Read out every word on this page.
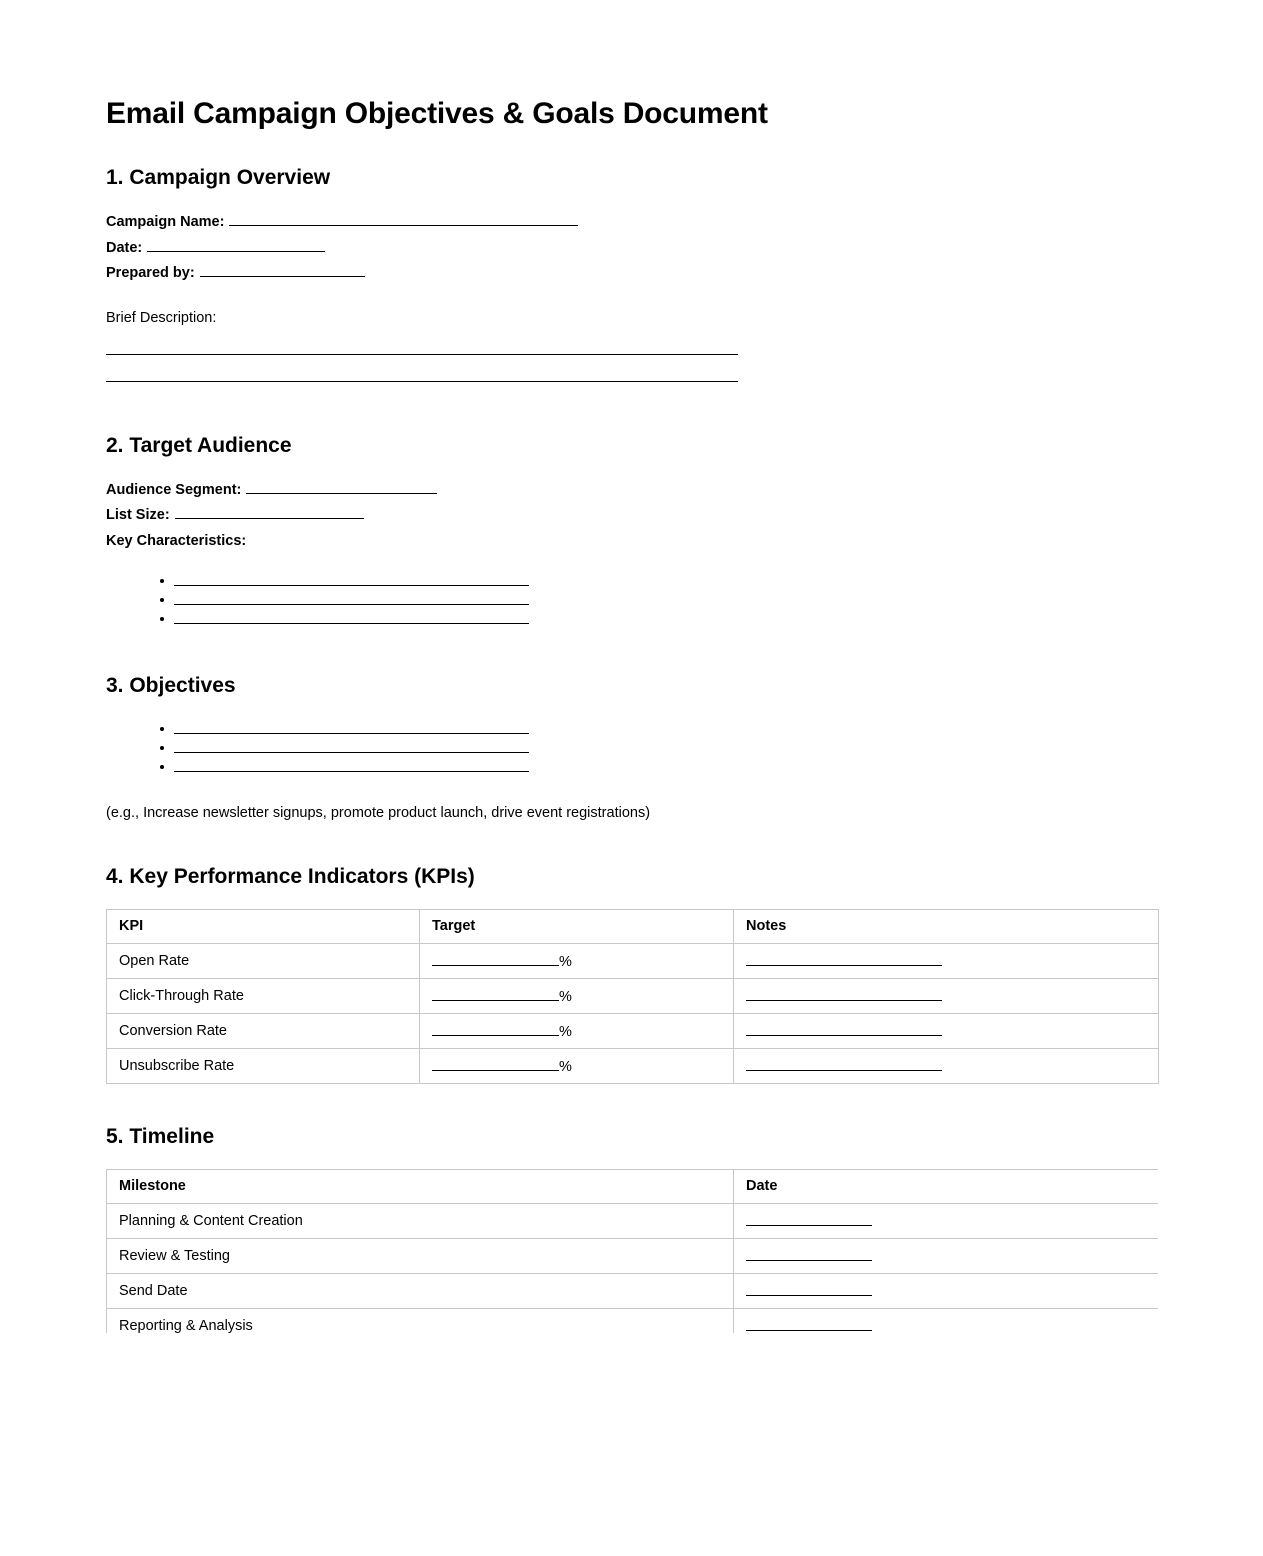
Email Campaign Objectives & Goals Document
1. Campaign Overview
Campaign Name:
Date:
Prepared by:
Brief Description:
2. Target Audience
Audience Segment:
List Size:
Key Characteristics:
3. Objectives
(e.g., Increase newsletter signups, promote product launch, drive event registrations)
4. Key Performance Indicators (KPIs)
KPI	Target	Notes
Open Rate	%	
Click-Through Rate	%	
Conversion Rate	%	
Unsubscribe Rate	%	
5. Timeline
Milestone	Date
Planning & Content Creation	
Review & Testing	
Send Date	
Reporting & Analysis	
